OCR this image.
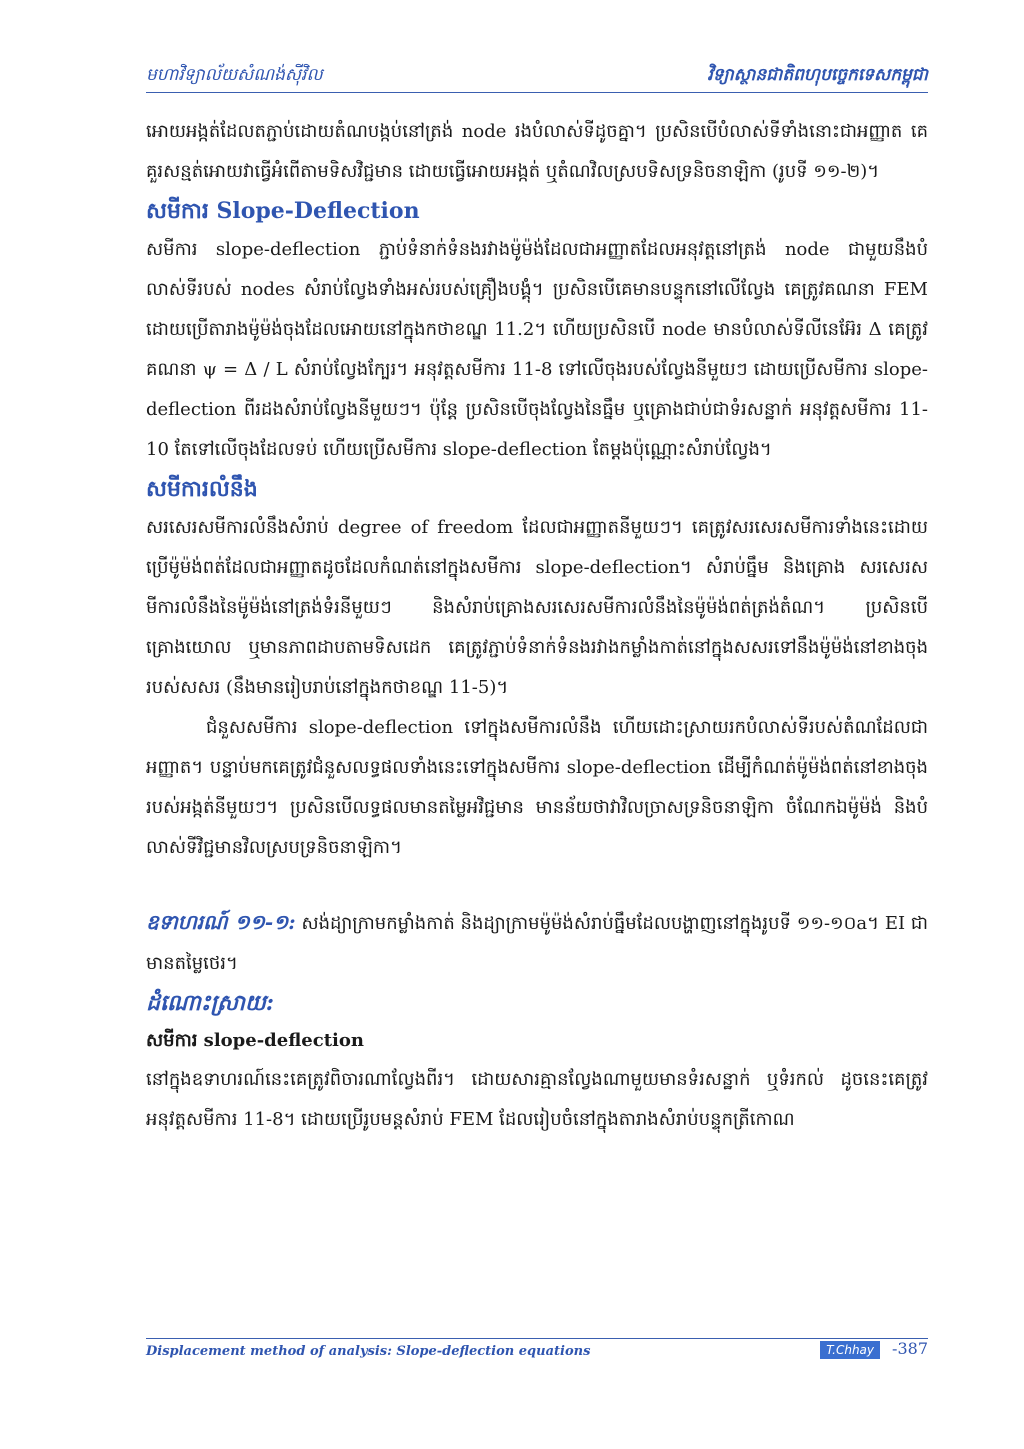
មហាវិទ្យាល័យសំណង់ស៊ីវិល	វិទ្យាស្ថានជាតិពហុបច្ចេកទេសកម្ពុជា

អោយអង្កត់ដែលតភ្ជាប់ដោយតំណបង្កប់នៅត្រង់ node រងបំលាស់ទីដូចគ្នា។ ប្រសិនបើបំលាស់ទីទាំងនោះជាអញ្ញាត គេគួរសន្មត់អោយវាធ្វើអំពើតាមទិសវិជ្ជមាន ដោយធ្វើអោយអង្កត់ ឬតំណវិលស្របទិសទ្រនិចនាឡិកា (រូបទី ១១-២)។

សមីការ Slope-Deflection

សមីការ slope-deflection ភ្ជាប់ទំនាក់ទំនងរវាងម៉ូម៉ង់ដែលជាអញ្ញាតដែលអនុវត្តនៅត្រង់ node ជាមួយនឹងបំលាស់ទីរបស់ nodes សំរាប់ល្វែងទាំងអស់របស់គ្រឿងបង្គុំ។ ប្រសិនបើគេមានបន្ទុកនៅលើល្វែង គេត្រូវគណនា FEM ដោយប្រើតារាងម៉ូម៉ង់ចុងដែលអោយនៅក្នុងកថាខណ្ឌ 11.2។ ហើយប្រសិនបើ node មានបំលាស់ទីលីនេអ៊ែរ Δ គេត្រូវគណនា ψ = Δ / L សំរាប់ល្វែងក្បែរ។ អនុវត្តសមីការ 11-8 ទៅលើចុងរបស់ល្វែងនីមួយៗ ដោយប្រើសមីការ slope-deflection ពីរដងសំរាប់ល្វែងនីមួយៗ។ ប៉ុន្តែ ប្រសិនបើចុងល្វែងនៃធ្នឹម ឬគ្រោងជាប់ជាទំរសន្ឋាក់ អនុវត្តសមីការ 11-10 តែទៅលើចុងដែលទប់ ហើយប្រើសមីការ slope-deflection តែម្តងប៉ុណ្ណោះសំរាប់ល្វែង។

សមីការលំនឹង

សរសេរសមីការលំនឹងសំរាប់ degree of freedom ដែលជាអញ្ញាតនីមួយៗ។ គេត្រូវសរសេរសមីការទាំងនេះដោយប្រើម៉ូម៉ង់ពត់ដែលជាអញ្ញាតដូចដែលកំណត់នៅក្នុងសមីការ slope-deflection។ សំរាប់ធ្នឹម និងគ្រោង សរសេរសមីការលំនឹងនៃម៉ូម៉ង់នៅត្រង់ទំរនីមួយៗ និងសំរាប់គ្រោងសរសេរសមីការលំនឹងនៃម៉ូម៉ង់ពត់ត្រង់តំណ។ ប្រសិនបើគ្រោងយោល ឬមានភាពដាបតាមទិសដេក គេត្រូវភ្ជាប់ទំនាក់ទំនងរវាងកម្លាំងកាត់នៅក្នុងសសរទៅនឹងម៉ូម៉ង់នៅខាងចុងរបស់សសរ (នឹងមានរៀបរាប់នៅក្នុងកថាខណ្ឌ 11-5)។

ជំនួសសមីការ slope-deflection ទៅក្នុងសមីការលំនឹង ហើយដោះស្រាយរកបំលាស់ទីរបស់តំណដែលជាអញ្ញាត។ បន្ទាប់មកគេត្រូវជំនួសលទ្ធផលទាំងនេះទៅក្នុងសមីការ slope-deflection ដើម្បីកំណត់ម៉ូម៉ង់ពត់នៅខាងចុងរបស់អង្កត់នីមួយៗ។ ប្រសិនបើលទ្ធផលមានតម្លៃអវិជ្ជមាន មានន័យថាវាវិលច្រាសទ្រនិចនាឡិកា ចំណែកឯម៉ូម៉ង់ និងបំលាស់ទីវិជ្ជមានវិលស្របទ្រនិចនាឡិកា។

ឧទាហរណ៍ ១១-១: សង់ដ្យាក្រាមកម្លាំងកាត់ និងដ្យាក្រាមម៉ូម៉ង់សំរាប់ធ្នឹមដែលបង្ហាញនៅក្នុងរូបទី ១១-១០a។ EI ជាមានតម្លៃថេរ។

ដំណោះស្រាយ:

សមីការ slope-deflection

នៅក្នុងឧទាហរណ៍នេះគេត្រូវពិចារណាល្វែងពីរ។ ដោយសារគ្មានល្វែងណាមួយមានទំរសន្ឋាក់ ឬទំរកល់ ដូចនេះគេត្រូវអនុវត្តសមីការ 11-8។ ដោយប្រើរូបមន្តសំរាប់ FEM ដែលរៀបចំនៅក្នុងតារាងសំរាប់បន្ទុកត្រីកោណ

Displacement method of analysis: Slope-deflection equations	T.Chhay	-387
